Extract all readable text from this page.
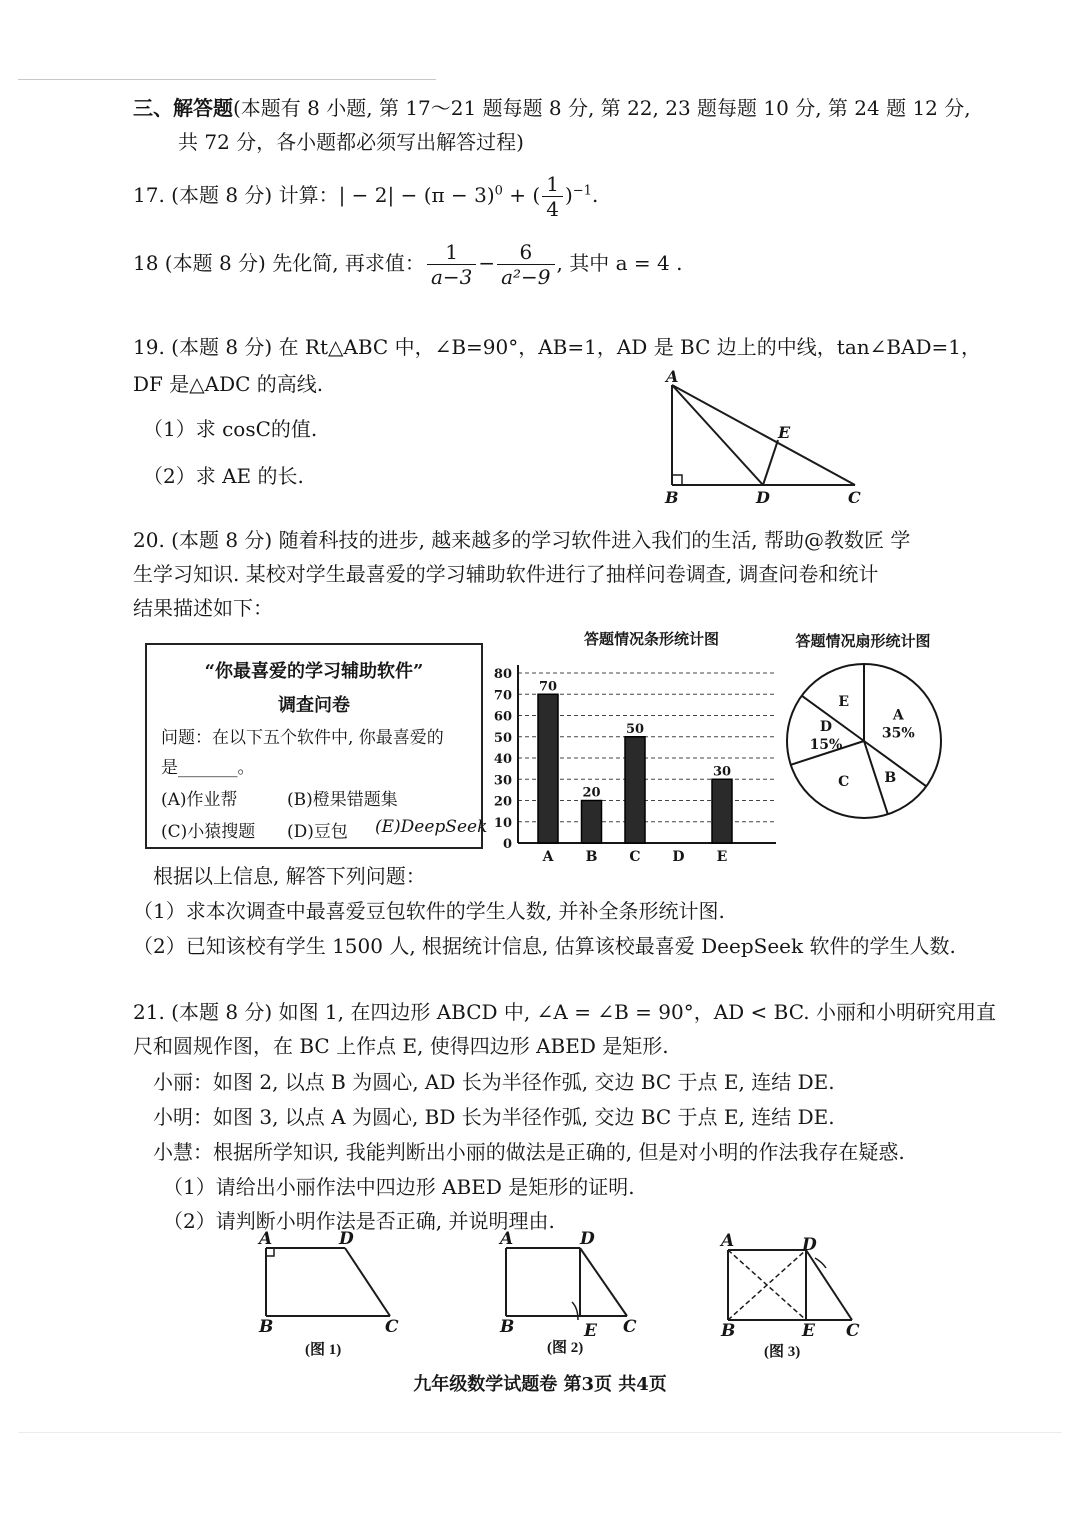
三、解答题(本题有 8 小题, 第 17～21 题每题 8 分, 第 22, 23 题每题 10 分, 第 24 题 12 分,
共 72 分，各小题都必须写出解答过程)
17. (本题 8 分) 计算：| − $2| - (\pi - 3)^0$ + ( $\frac{1}{4} )^{-1}$.
18 (本题 8 分) 先化简, 再求值： $\frac{1}{a-3} - \frac{6}{\text{a²−9}}$ , 其中 a = 4 .
19. (本题 8 分) 在 Rt△ABC 中，∠B=90°，AB=1，AD 是 BC 边上的中线，tan∠BAD=1，
DF 是△ADC 的高线.
（1）求 cosC的值.
（2）求 AE 的长.
A
B	D	C
E
20. (本题 8 分) 随着科技的进步, 越来越多的学习软件进入我们的生活, 帮助@教数匠 学
生学习知识. 某校对学生最喜爱的学习辅助软件进行了抽样问卷调查, 调查问卷和统计
结果描述如下：
“你最喜爱的学习辅助软件”
调查问卷
问题：在以下五个软件中, 你最喜爱的
是_______。
(A)作业帮	(B)橙果错题集
(C)小猿搜题 (D)豆包 (E)DeepSeek
答题情况条形统计图
0
10
20
30
40
50
60
70
80
70
A
20
B
50
C D
30
E
答题情况扇形统计图
A
35%
B
C
D
15%
E
根据以上信息, 解答下列问题：
（1）求本次调查中最喜爱豆包软件的学生人数, 并补全条形统计图.
（2）已知该校有学生 1500 人, 根据统计信息, 估算该校最喜爱 DeepSeek 软件的学生人数.
21. (本题 8 分) 如图 1, 在四边形 ABCD 中, ∠A = ∠B = 90°，AD < BC. 小丽和小明研究用直
尺和圆规作图，在 BC 上作点 E, 使得四边形 ABED 是矩形.
小丽：如图 2, 以点 B 为圆心, AD 长为半径作弧, 交边 BC 于点 E, 连结 DE.
小明：如图 3, 以点 A 为圆心, BD 长为半径作弧, 交边 BC 于点 E, 连结 DE.
小慧：根据所学知识, 我能判断出小丽的做法是正确的, 但是对小明的作法我存在疑惑.
（1）请给出小丽作法中四边形 ABED 是矩形的证明.
（2）请判断小明作法是否正确, 并说明理由.
A	D
B	C
(图 1)
A	D
B	E C
(图 2)
A	D
B	E C
(图 3)
九年级数学试题卷 第3页 共4页
